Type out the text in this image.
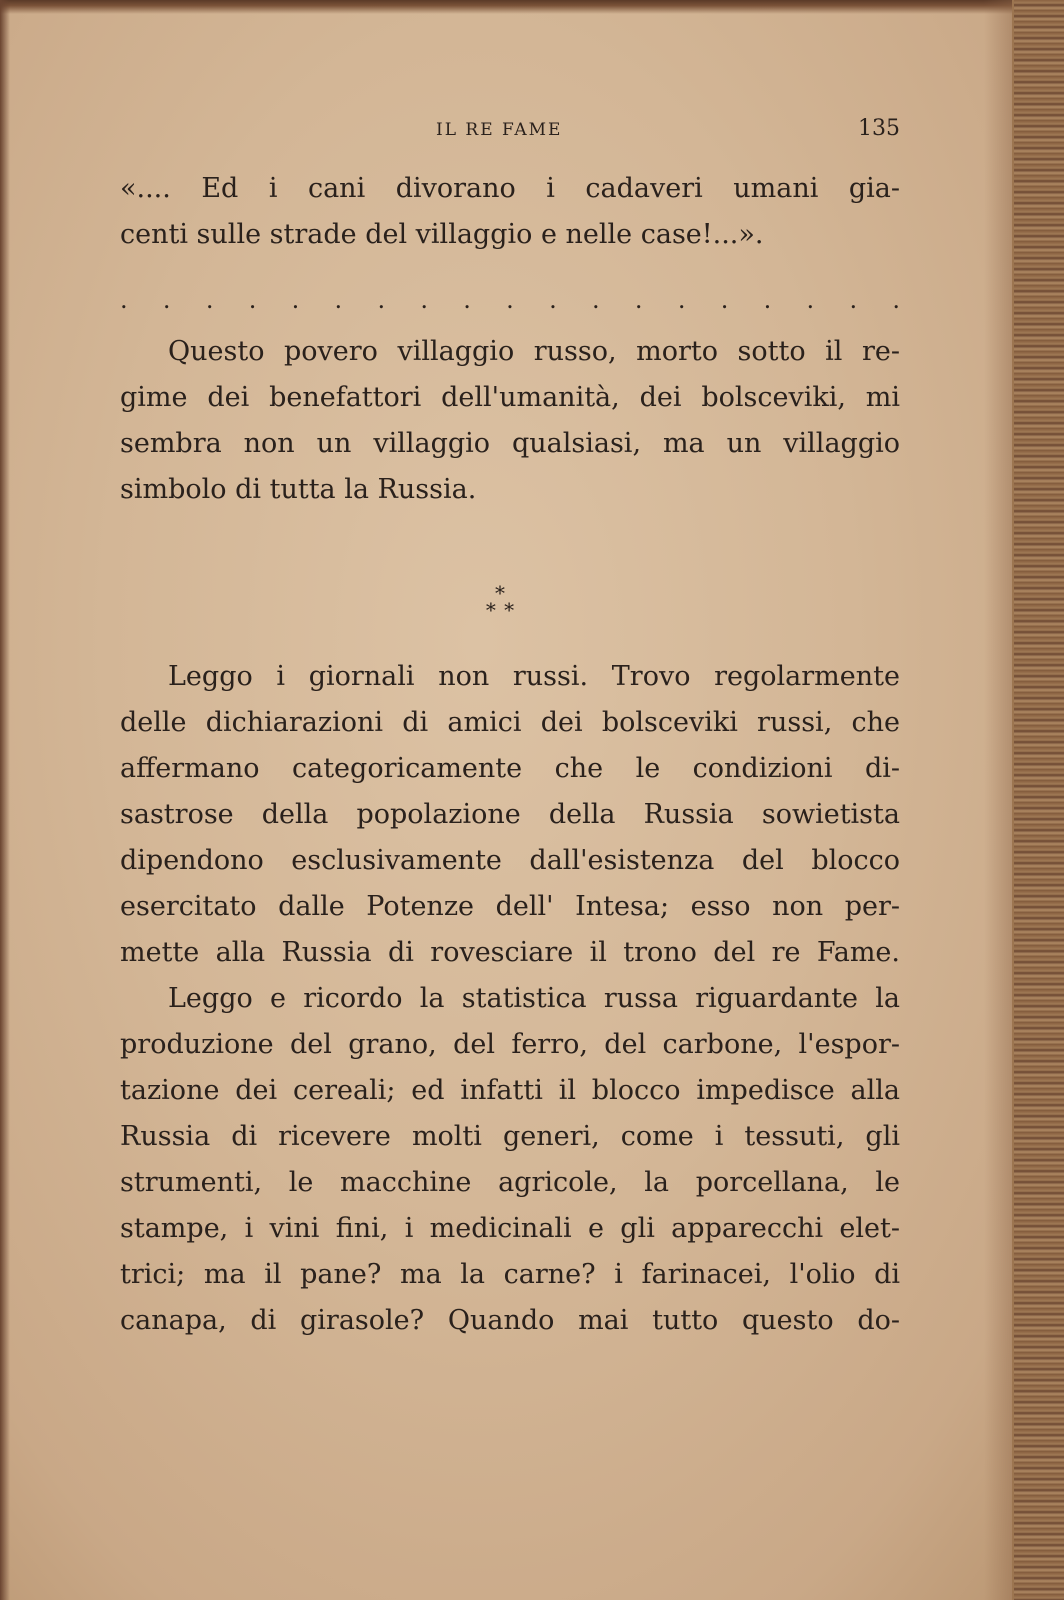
IL RE FAME	135
«.... Ed i cani divorano i cadaveri umani gia-
centi sulle strade del villaggio e nelle case!...».
. . . . . . . . . . . . . . . . . . .
Questo povero villaggio russo, morto sotto il re-
gime dei benefattori dell'umanità, dei bolsceviki, mi
sembra non un villaggio qualsiasi, ma un villaggio
simbolo di tutta la Russia.
*
* *
Leggo i giornali non russi. Trovo regolarmente
delle dichiarazioni di amici dei bolsceviki russi, che
affermano categoricamente che le condizioni di-
sastrose della popolazione della Russia sowietista
dipendono esclusivamente dall'esistenza del blocco
esercitato dalle Potenze dell' Intesa; esso non per-
mette alla Russia di rovesciare il trono del re Fame.
Leggo e ricordo la statistica russa riguardante la
produzione del grano, del ferro, del carbone, l'espor-
tazione dei cereali; ed infatti il blocco impedisce alla
Russia di ricevere molti generi, come i tessuti, gli
strumenti, le macchine agricole, la porcellana, le
stampe, i vini fini, i medicinali e gli apparecchi elet-
trici; ma il pane? ma la carne? i farinacei, l'olio di
canapa, di girasole? Quando mai tutto questo do-
